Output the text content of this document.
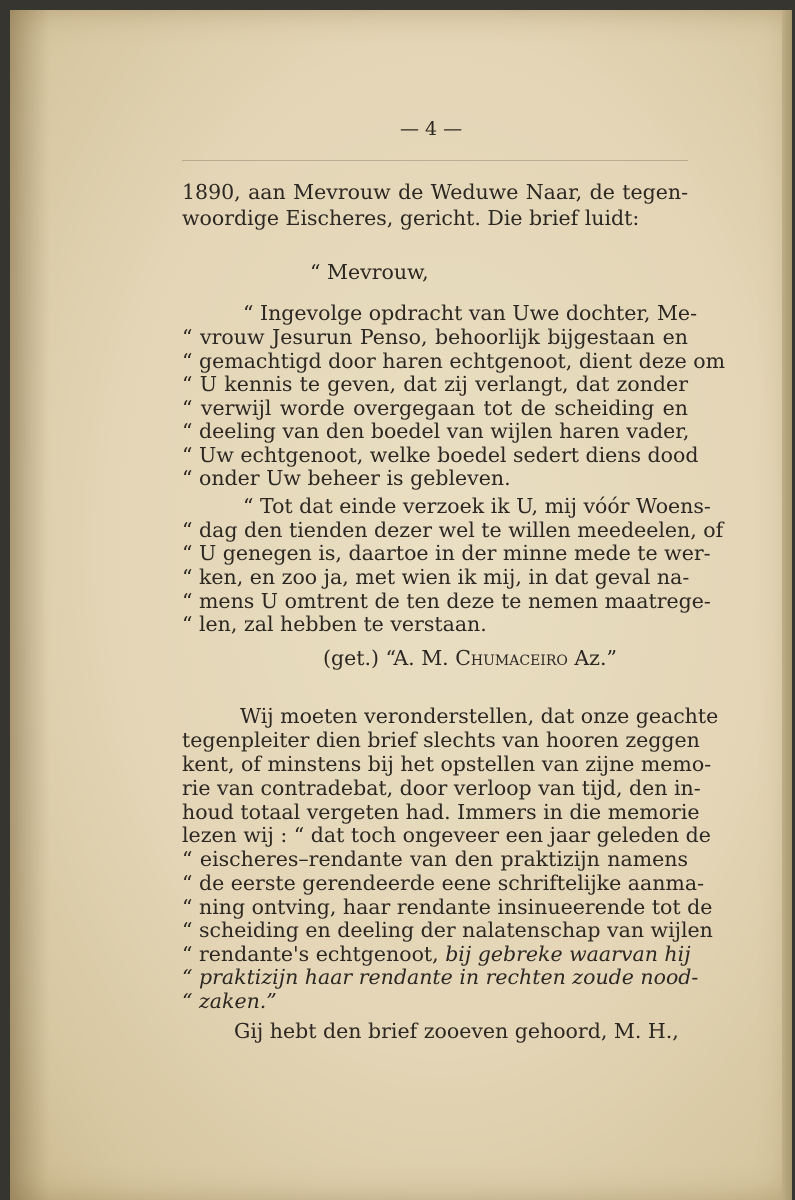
— 4 —
1890, aan Mevrouw de Weduwe Naar, de tegen-
woordige Eischeres, gericht. Die brief luidt:
“ Mevrouw,
“ Ingevolge opdracht van Uwe dochter, Me-
“ vrouw Jesurun Penso, behoorlijk bijgestaan en
“ gemachtigd door haren echtgenoot, dient deze om
“ U kennis te geven, dat zij verlangt, dat zonder
“ verwijl worde overgegaan tot de scheiding en
“ deeling van den boedel van wijlen haren vader,
“ Uw echtgenoot, welke boedel sedert diens dood
“ onder Uw beheer is gebleven.
“ Tot dat einde verzoek ik U, mij vóór Woens-
“ dag den tienden dezer wel te willen meedeelen, of
“ U genegen is, daartoe in der minne mede te wer-
“ ken, en zoo ja, met wien ik mij, in dat geval na-
“ mens U omtrent de ten deze te nemen maatrege-
“ len, zal hebben te verstaan.
(get.) “A. M. Chumaceiro Az.”
Wij moeten veronderstellen, dat onze geachte
tegenpleiter dien brief slechts van hooren zeggen
kent, of minstens bij het opstellen van zijne memo-
rie van contradebat, door verloop van tijd, den in-
houd totaal vergeten had. Immers in die memorie
lezen wij : “ dat toch ongeveer een jaar geleden de
“ eischeres–rendante van den praktizijn namens
“ de eerste gerendeerde eene schriftelijke aanma-
“ ning ontving, haar rendante insinueerende tot de
“ scheiding en deeling der nalatenschap van wijlen
“ rendante's echtgenoot, bij gebreke waarvan hij
“ praktizijn haar rendante in rechten zoude nood-
“ zaken.”
Gij hebt den brief zooeven gehoord, M. H.,
